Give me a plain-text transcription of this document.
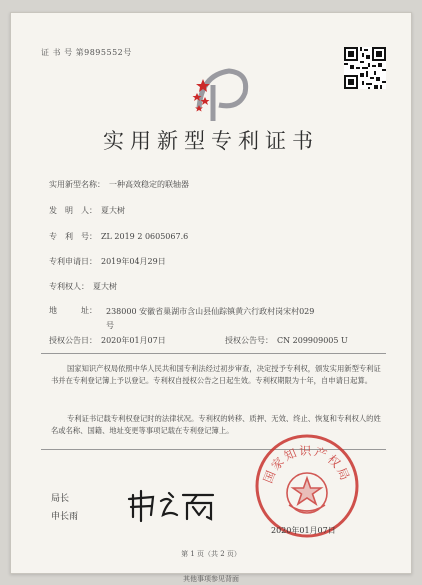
证 书 号 第9895552号
实用新型专利证书
实用新型名称： 一种高效稳定的联轴器
发　明　人： 夏大树
专　利　号： ZL 2019 2 0605067.6
专利申请日： 2019年04月29日
专利权人： 夏大树
地　　　址： 238000 安徽省巢湖市含山县仙踪镇黄六行政村岗宋村029
号
授权公告日： 2020年01月07日	授权公告号： CN 209909005 U
国家知识产权局依照中华人民共和国专利法经过初步审查，决定授予专利权，颁发实用新型专利证书并在专利登记簿上予以登记。专利权自授权公告之日起生效。专利权期限为十年，自申请日起算。
专利证书记载专利权登记时的法律状况。专利权的转移、质押、无效、终止、恢复和专利权人的姓名或名称、国籍、地址变更等事项记载在专利登记簿上。
局长
申长雨
国家知识产权局
2020年01月07日
第 1 页（共 2 页）
其他事项参见背面
